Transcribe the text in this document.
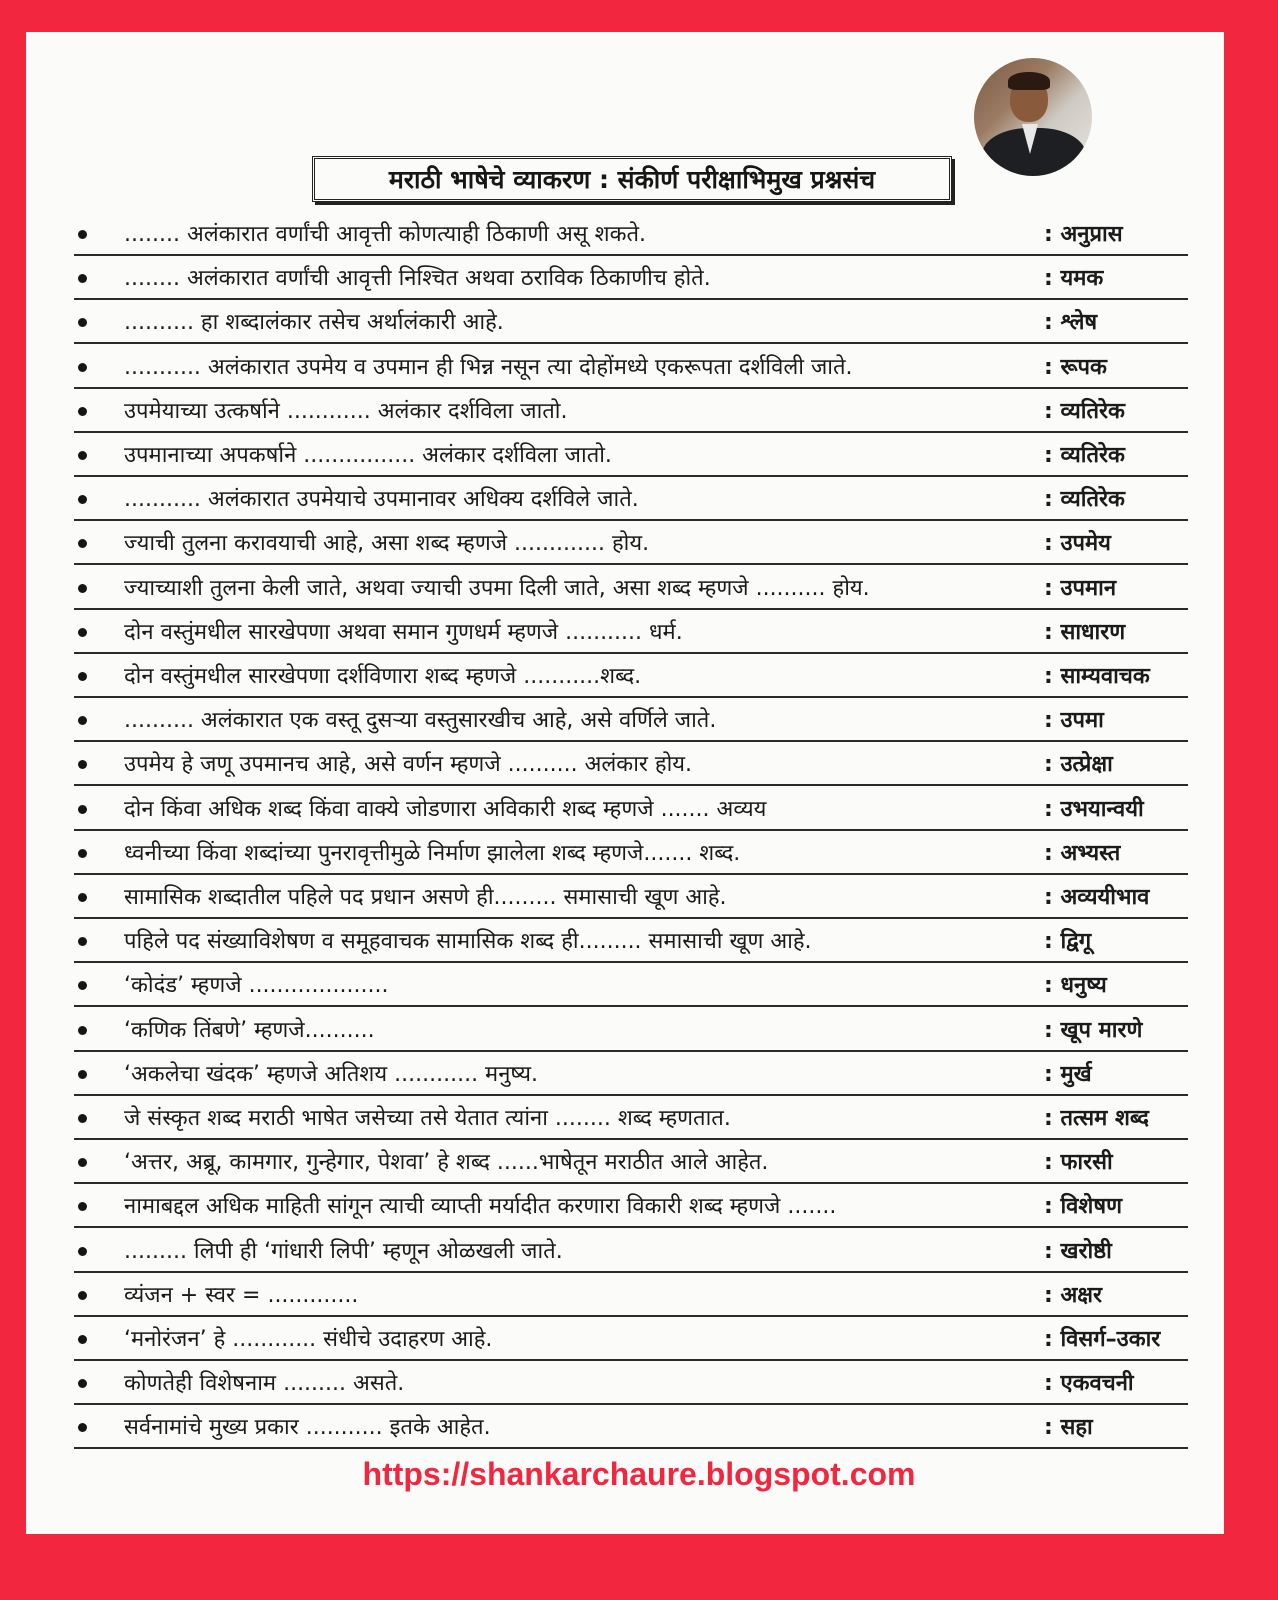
मराठी भाषेचे व्याकरण : संकीर्ण परीक्षाभिमुख प्रश्नसंच
........ अलंकारात वर्णांची आवृत्ती कोणत्याही ठिकाणी असू शकते.	: अनुप्रास
........ अलंकारात वर्णांची आवृत्ती निश्चित अथवा ठराविक ठिकाणीच होते.	: यमक
.......... हा शब्दालंकार तसेच अर्थालंकारी आहे.	: श्लेष
........... अलंकारात उपमेय व उपमान ही भिन्न नसून त्या दोहोंमध्ये एकरूपता दर्शविली जाते.	: रूपक
उपमेयाच्या उत्कर्षाने ............ अलंकार दर्शविला जातो.	: व्यतिरेक
उपमानाच्या अपकर्षाने ................ अलंकार दर्शविला जातो.	: व्यतिरेक
........... अलंकारात उपमेयाचे उपमानावर अधिक्य दर्शविले जाते.	: व्यतिरेक
ज्याची तुलना करावयाची आहे, असा शब्द म्हणजे ............. होय.	: उपमेय
ज्याच्याशी तुलना केली जाते, अथवा ज्याची उपमा दिली जाते, असा शब्द म्हणजे .......... होय.	: उपमान
दोन वस्तुंमधील सारखेपणा अथवा समान गुणधर्म म्हणजे ........... धर्म.	: साधारण
दोन वस्तुंमधील सारखेपणा दर्शविणारा शब्द म्हणजे ...........शब्द.	: साम्यवाचक
.......... अलंकारात एक वस्तू दुसऱ्या वस्तुसारखीच आहे, असे वर्णिले जाते.	: उपमा
उपमेय हे जणू उपमानच आहे, असे वर्णन म्हणजे .......... अलंकार होय.	: उत्प्रेक्षा
दोन किंवा अधिक शब्द किंवा वाक्ये जोडणारा अविकारी शब्द म्हणजे ....... अव्यय	: उभयान्वयी
ध्वनीच्या किंवा शब्दांच्या पुनरावृत्तीमुळे निर्माण झालेला शब्द म्हणजे....... शब्द.	: अभ्यस्त
सामासिक शब्दातील पहिले पद प्रधान असणे ही......... समासाची खूण आहे.	: अव्ययीभाव
पहिले पद संख्याविशेषण व समूहवाचक सामासिक शब्द ही......... समासाची खूण आहे.	: द्विगू
‘कोदंड’ म्हणजे ....................	: धनुष्य
‘कणिक तिंबणे’ म्हणजे..........	: खूप मारणे
‘अकलेचा खंदक’ म्हणजे अतिशय ............ मनुष्य.	: मुर्ख
जे संस्कृत शब्द मराठी भाषेत जसेच्या तसे येतात त्यांना ........ शब्द म्हणतात.	: तत्सम शब्द
‘अत्तर, अब्रू, कामगार, गुन्हेगार, पेशवा’ हे शब्द ......भाषेतून मराठीत आले आहेत.	: फारसी
नामाबद्दल अधिक माहिती सांगून त्याची व्याप्ती मर्यादीत करणारा विकारी शब्द म्हणजे .......	: विशेषण
......... लिपी ही ‘गांधारी लिपी’ म्हणून ओळखली जाते.	: खरोष्ठी
व्यंजन + स्वर = .............	: अक्षर
‘मनोरंजन’ हे ............ संधीचे उदाहरण आहे.	: विसर्ग–उकार
कोणतेही विशेषनाम ......... असते.	: एकवचनी
सर्वनामांचे मुख्य प्रकार ........... इतके आहेत.	: सहा
https://shankarchaure.blogspot.com
